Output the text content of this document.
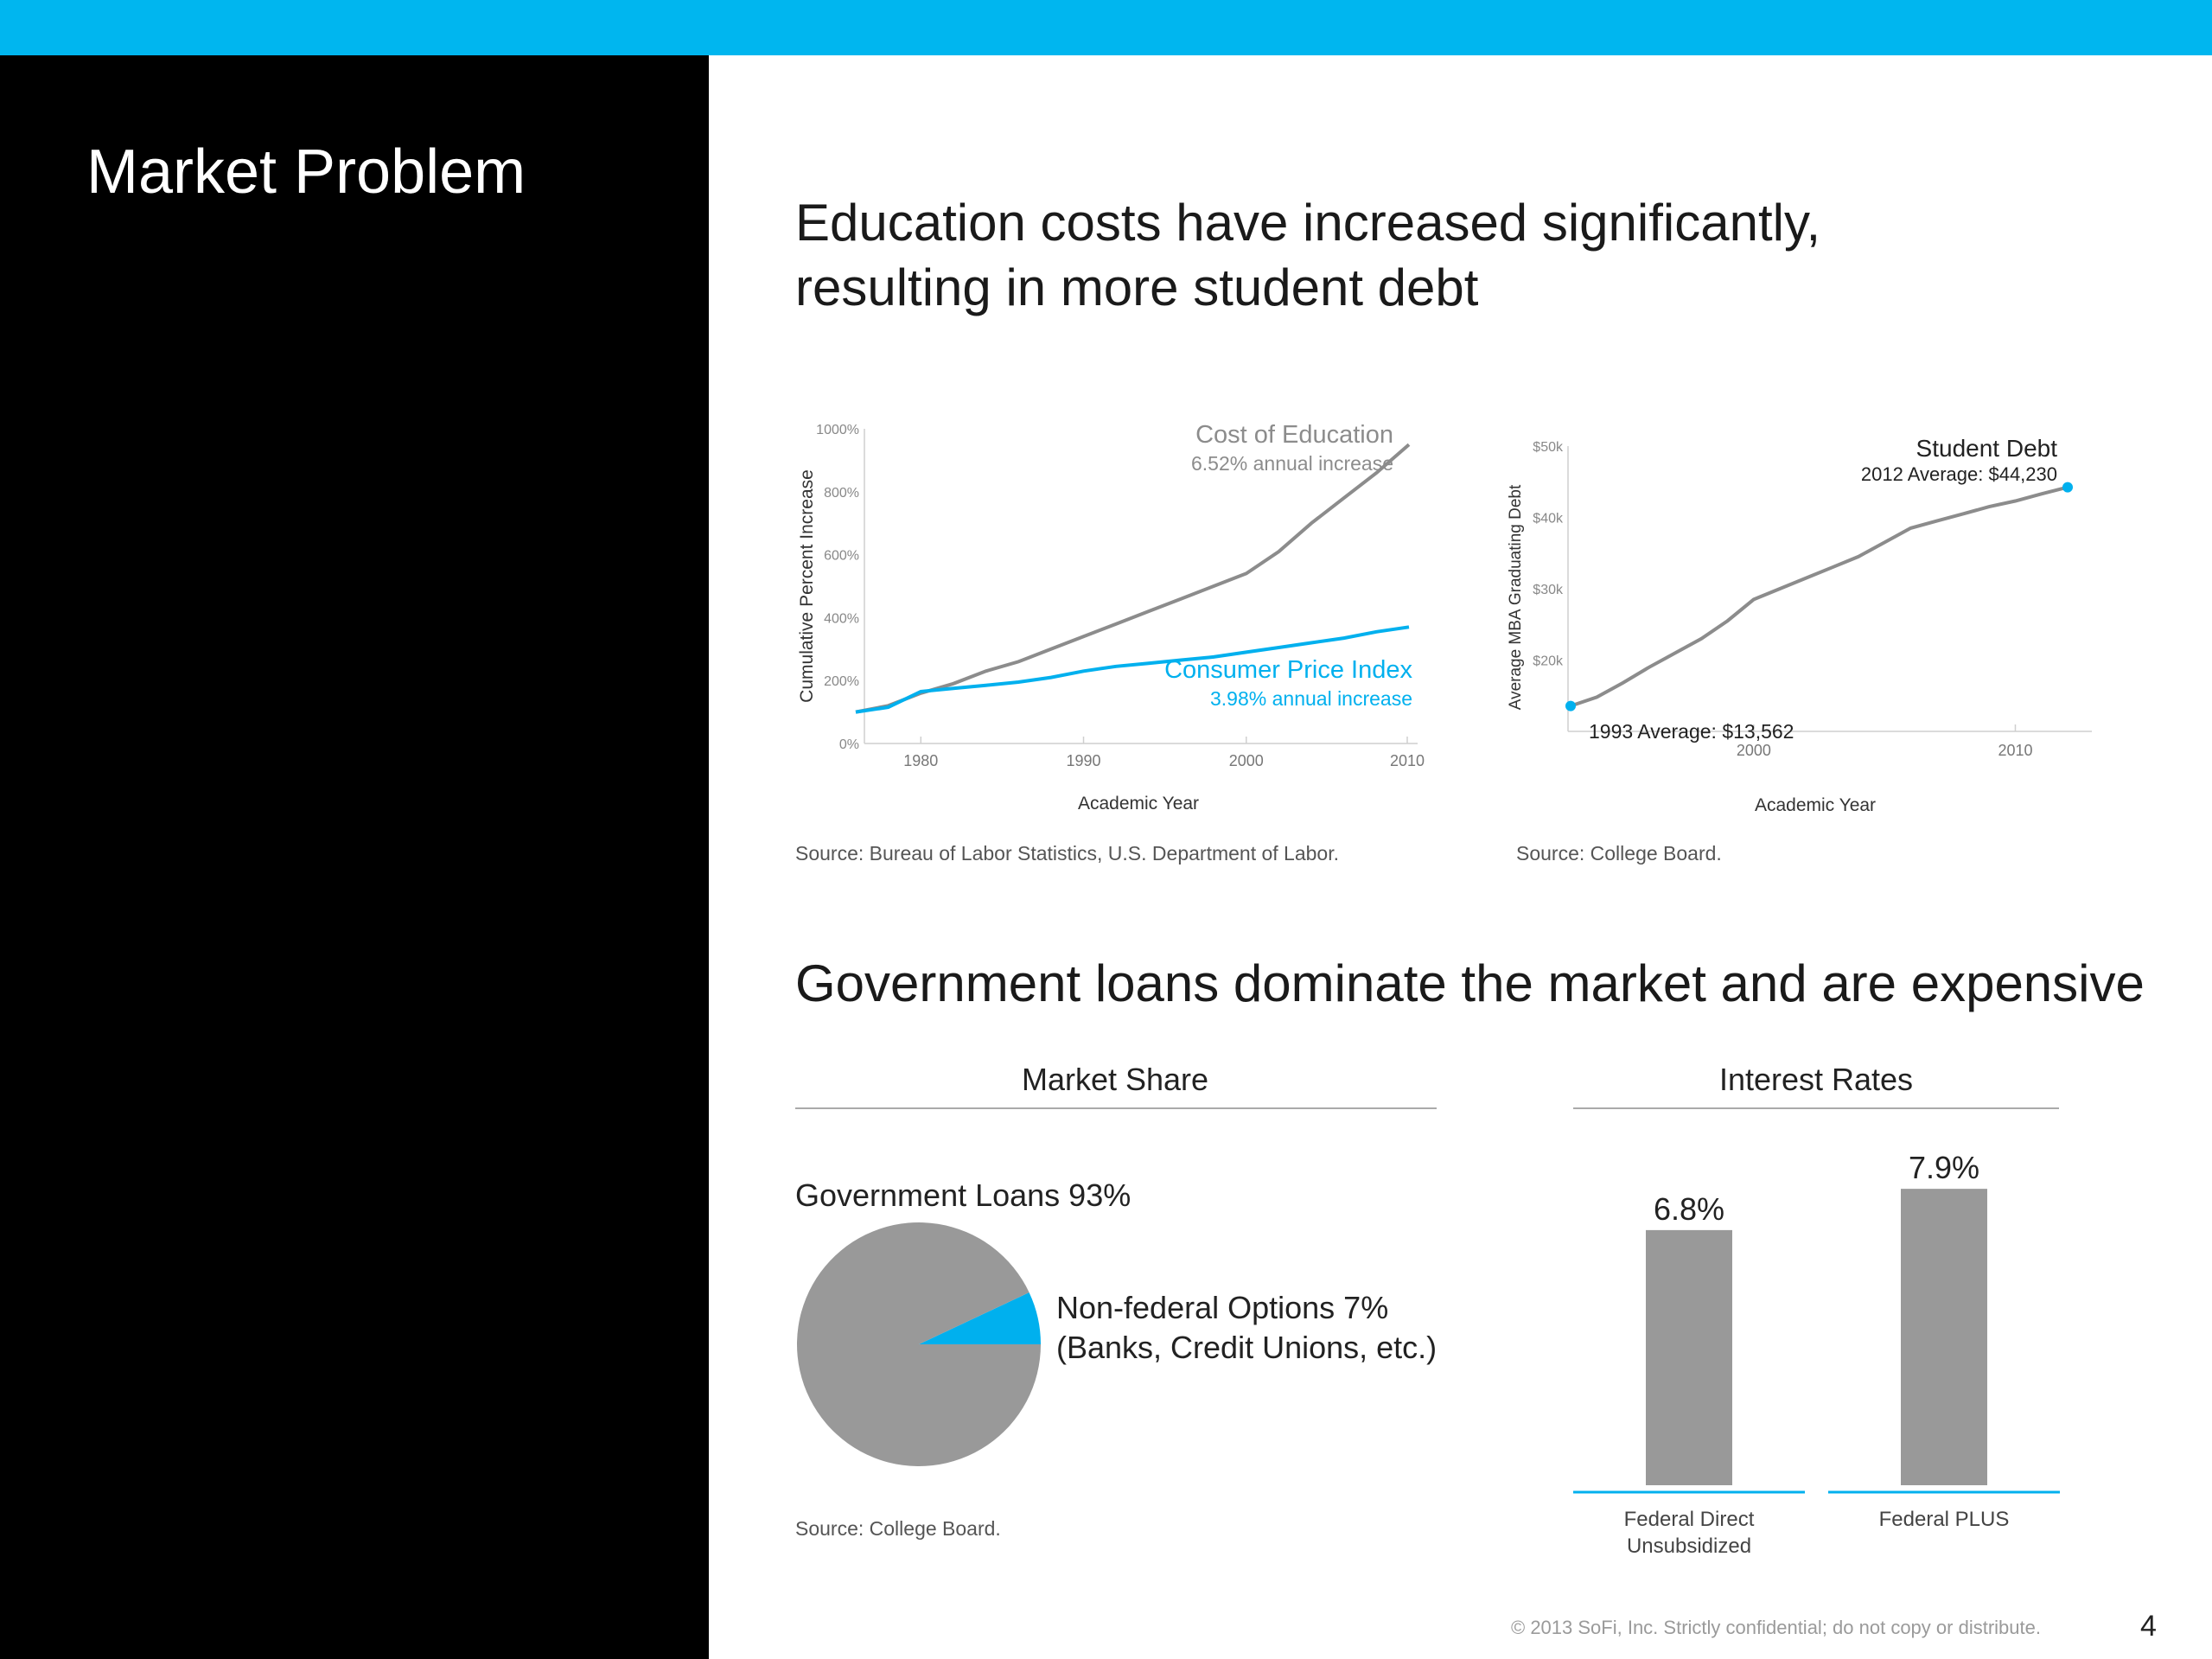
Market Problem
Education costs have increased significantly,
resulting in more student debt
0%
200%
400%
600%
800%
1000%
1980	1990	2000	2010
Academic Year
Cumulative Percent Increase
Cost of Education
6.52% annual increase
Consumer Price Index
3.98% annual increase
Source: Bureau of Labor Statistics, U.S. Department of Labor.
$20k
$30k
$40k
$50k
2000	2010
Academic Year
Average MBA Graduating Debt
Student Debt
2012 Average: $44,230
1993 Average: $13,562
Source: College Board.
Government loans dominate the market and are expensive
Market Share
Government Loans 93%
Non-federal Options 7%
(Banks, Credit Unions, etc.)
Source: College Board.
Interest Rates
6.8%
Federal Direct
Unsubsidized
7.9%
Federal PLUS
© 2013 SoFi, Inc. Strictly confidential; do not copy or distribute.	4
